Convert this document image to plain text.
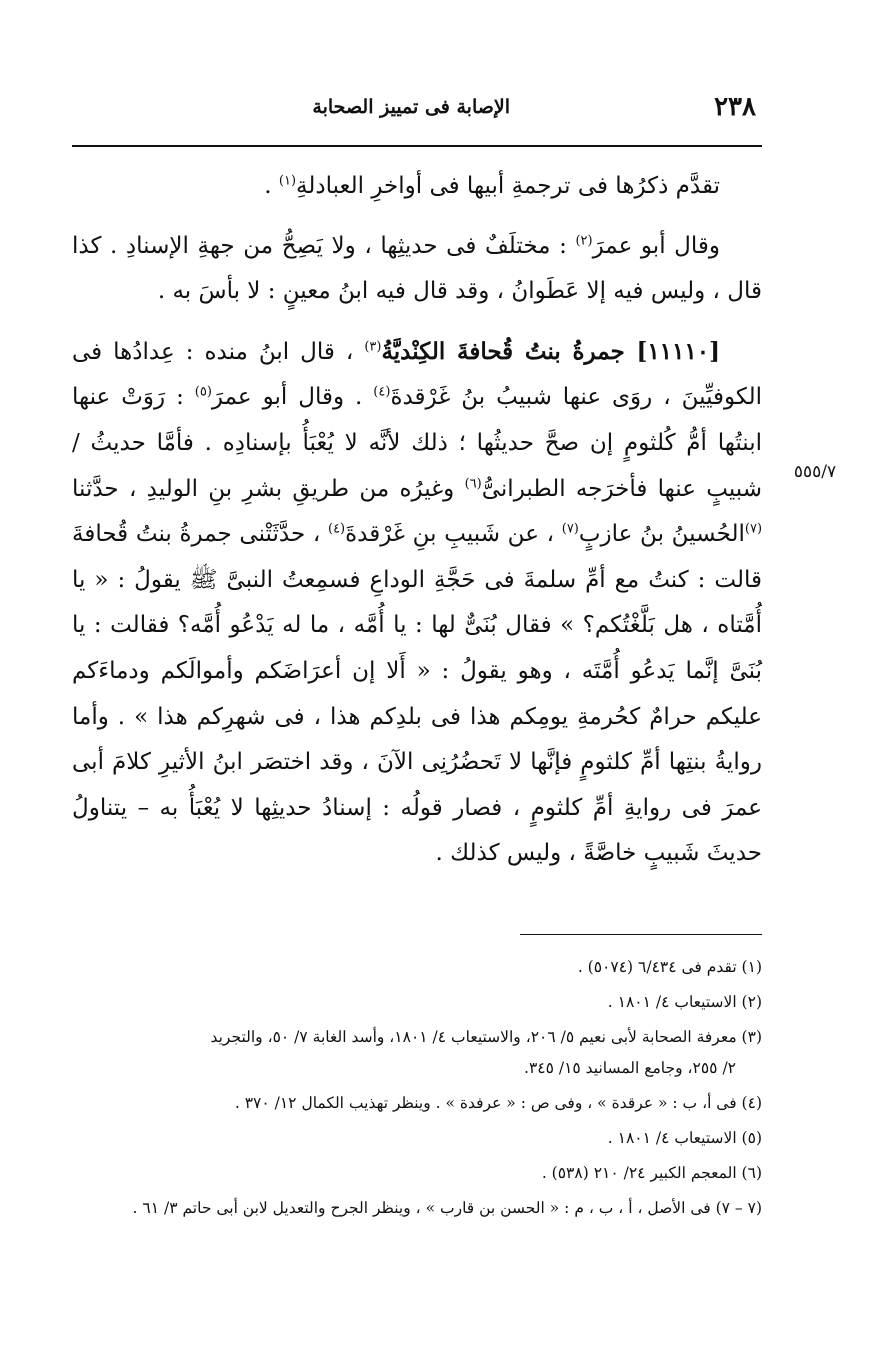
٢٣٨
الإصابة فى تمييز الصحابة

تقدَّم ذكرُها فى ترجمةِ أبيها فى أواخرِ العبادلةِ$^{(١)}$ .

وقال أبو عمرَ$^{(٢)}$ : مختلَفٌ فى حديثِها ، ولا يَصِحُّ من جهةِ الإسنادِ . كذا قال ، وليس فيه إلا عَطَوانُ ، وقد قال فيه ابنُ معينٍ : لا بأسَ به .

[١١١١٠] جمرةُ بنتُ قُحافةَ الكِنْديَّةُ$^{(٣)}$ ، قال ابنُ منده : عِدادُها فى الكوفيِّينَ ، روَى عنها شبيبُ بنُ غَرْقدةَ$^{(٤)}$ . وقال أبو عمرَ$^{(٥)}$ : رَوَتْ عنها ابنتُها أمُّ كُلثومٍ إن صحَّ حديثُها ؛ ذلك لأنَّه لا يُعْبَأُ بإسنادِه . فأمَّا حديثُ /شبيبٍ عنها فأخرَجه الطبرانىُّ$^{(٦)}$ وغيرُه من طريقِ بشرِ بنِ الوليدِ ، حدَّثنا $^{(٧)}$الحُسينُ بنُ عازبٍ$^{(٧)}$ ، عن شَبيبِ بنِ غَرْقدةَ$^{(٤)}$ ، حدَّثَتْنى جمرةُ بنتُ قُحافةَ قالت : كنتُ مع أمِّ سلمةَ فى حَجَّةِ الوداعِ فسمِعتُ النبىَّ ﷺ يقولُ : « يا أُمَّتاه ، هل بَلَّغْتُكم؟ » فقال بُنَىٌّ لها : يا أُمَّه ، ما له يَدْعُو أُمَّه؟ فقالت : يا بُنَىَّ إنَّما يَدعُو أُمَّتَه ، وهو يقولُ : « أَلا إن أعرَاضَكم وأموالَكم ودماءَكم عليكم حرامٌ كحُرمةِ يومِكم هذا فى بلدِكم هذا ، فى شهرِكم هذا » . وأما روايةُ بنتِها أمِّ كلثومٍ فإنَّها لا تَحضُرُنِى الآنَ ، وقد اختصَر ابنُ الأثيرِ كلامَ أبى عمرَ فى روايةِ أمِّ كلثومٍ ، فصار قولُه : إسنادُ حديثِها لا يُعْبَأُ به – يتناولُ حديثَ شَبيبٍ خاصَّةً ، وليس كذلك .

٥٥٥/٧

(١) تقدم فى ٦/٤٣٤ (٥٠٧٤) .

(٢) الاستيعاب ٤/ ١٨٠١ .

(٣) معرفة الصحابة لأبى نعيم ٥/ ٢٠٦، والاستيعاب ٤/ ١٨٠١، وأسد الغابة ٧/ ٥٠، والتجريد

٢/ ٢٥٥، وجامع المسانيد ١٥/ ٣٤٥.

(٤) فى أ، ب : « عرقدة » ، وفى ص : « عرفدة » . وينظر تهذيب الكمال ١٢/ ٣٧٠ .

(٥) الاستيعاب ٤/ ١٨٠١ .

(٦) المعجم الكبير ٢٤/ ٢١٠ (٥٣٨) .

(٧ – ٧) فى الأصل ، أ ، ب ، م : « الحسن بن قارب » ، وينظر الجرح والتعديل لابن أبى حاتم ٣/ ٦١ .
